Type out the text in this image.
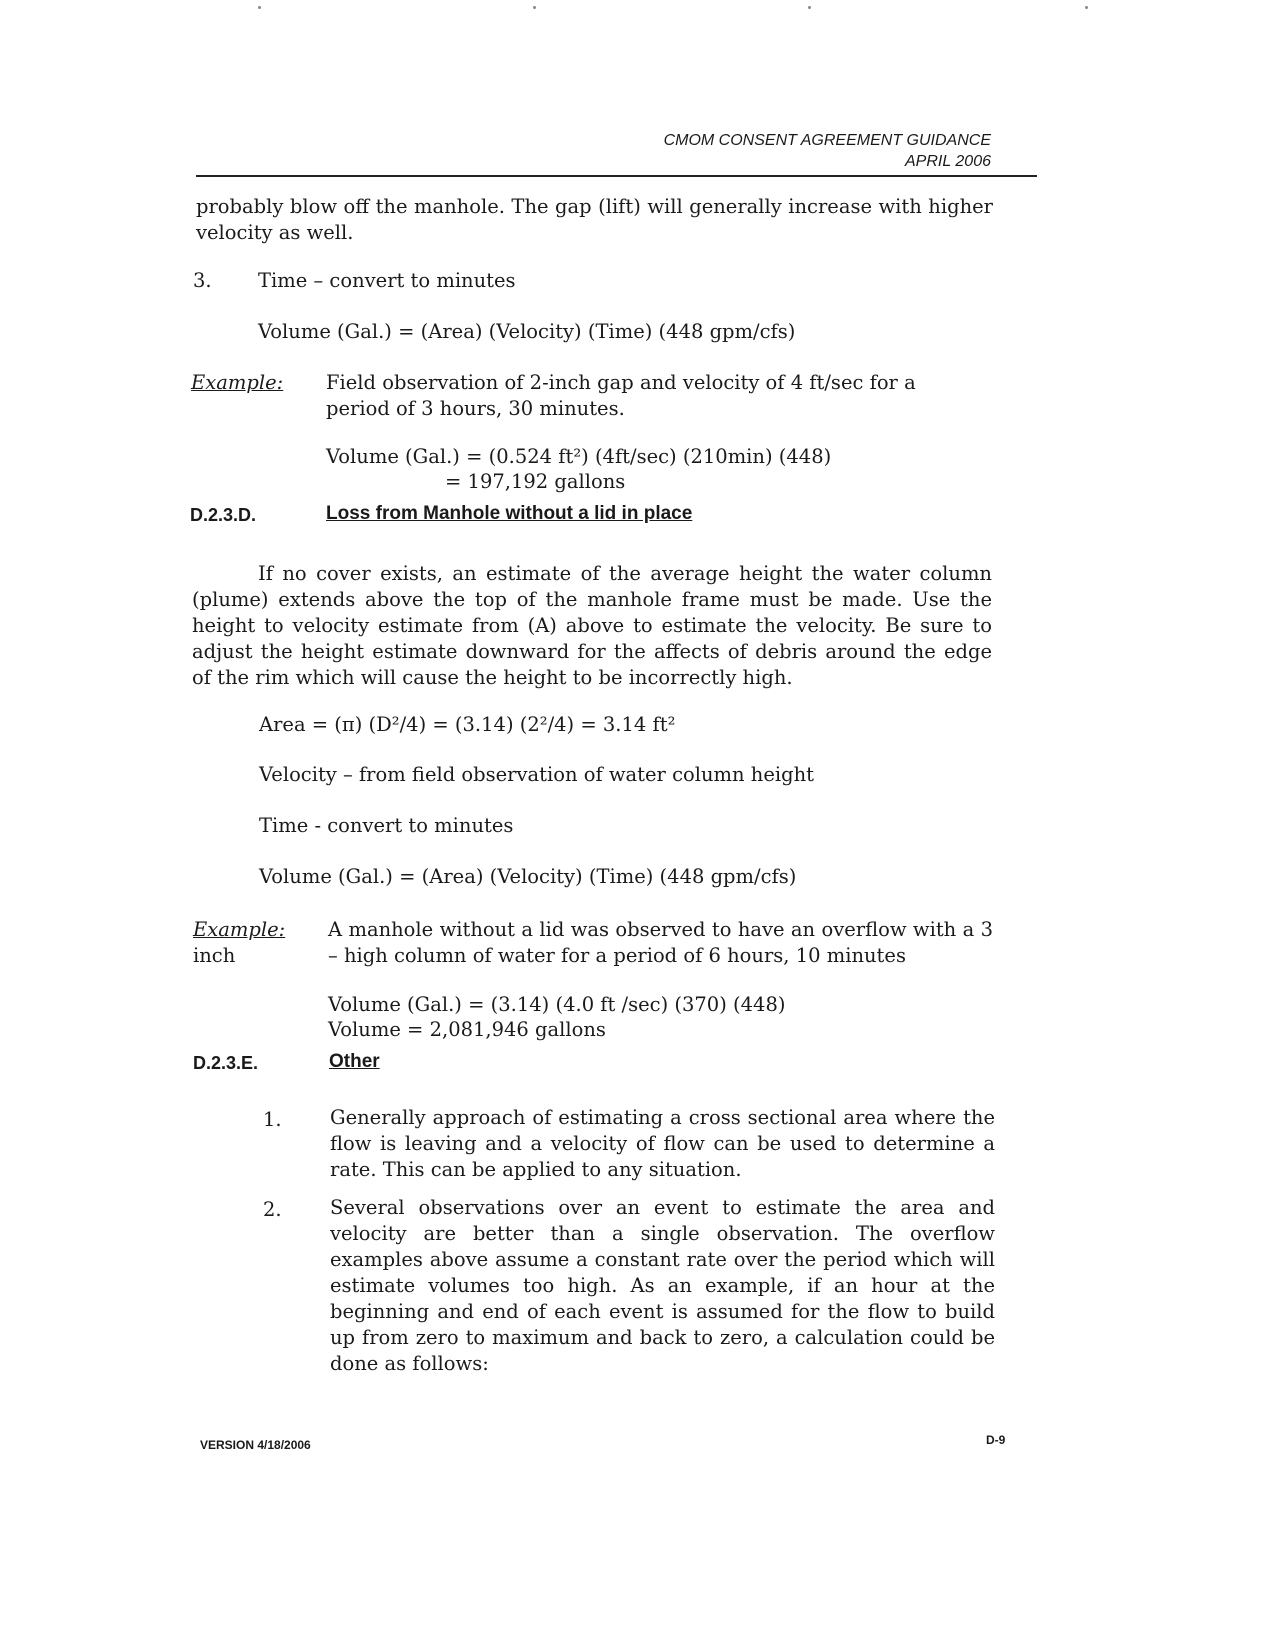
CMOM CONSENT AGREEMENT GUIDANCE
APRIL 2006
probably blow off the manhole. The gap (lift) will generally increase with higher velocity as well.
3. Time – convert to minutes
Volume (Gal.) = (Area) (Velocity) (Time) (448 gpm/cfs)
Example: Field observation of 2-inch gap and velocity of 4 ft/sec for a period of 3 hours, 30 minutes.
Volume (Gal.) = (0.524 ft²) (4ft/sec) (210min) (448)
= 197,192 gallons
D.2.3.D.	Loss from Manhole without a lid in place
If no cover exists, an estimate of the average height the water column (plume) extends above the top of the manhole frame must be made. Use the height to velocity estimate from (A) above to estimate the velocity. Be sure to adjust the height estimate downward for the affects of debris around the edge of the rim which will cause the height to be incorrectly high.
Area = (π) (D²/4) = (3.14) (2²/4) = 3.14 ft²
Velocity – from field observation of water column height
Time - convert to minutes
Volume (Gal.) = (Area) (Velocity) (Time) (448 gpm/cfs)
Example:
inch
A manhole without a lid was observed to have an overflow with a 3 – high column of water for a period of 6 hours, 10 minutes
Volume (Gal.) = (3.14) (4.0 ft /sec) (370) (448)
Volume = 2,081,946 gallons
D.2.3.E.	Other
1. Generally approach of estimating a cross sectional area where the flow is leaving and a velocity of flow can be used to determine a rate. This can be applied to any situation.
2. Several observations over an event to estimate the area and velocity are better than a single observation. The overflow examples above assume a constant rate over the period which will estimate volumes too high. As an example, if an hour at the beginning and end of each event is assumed for the flow to build up from zero to maximum and back to zero, a calculation could be done as follows:
VERSION 4/18/2006	D-9
